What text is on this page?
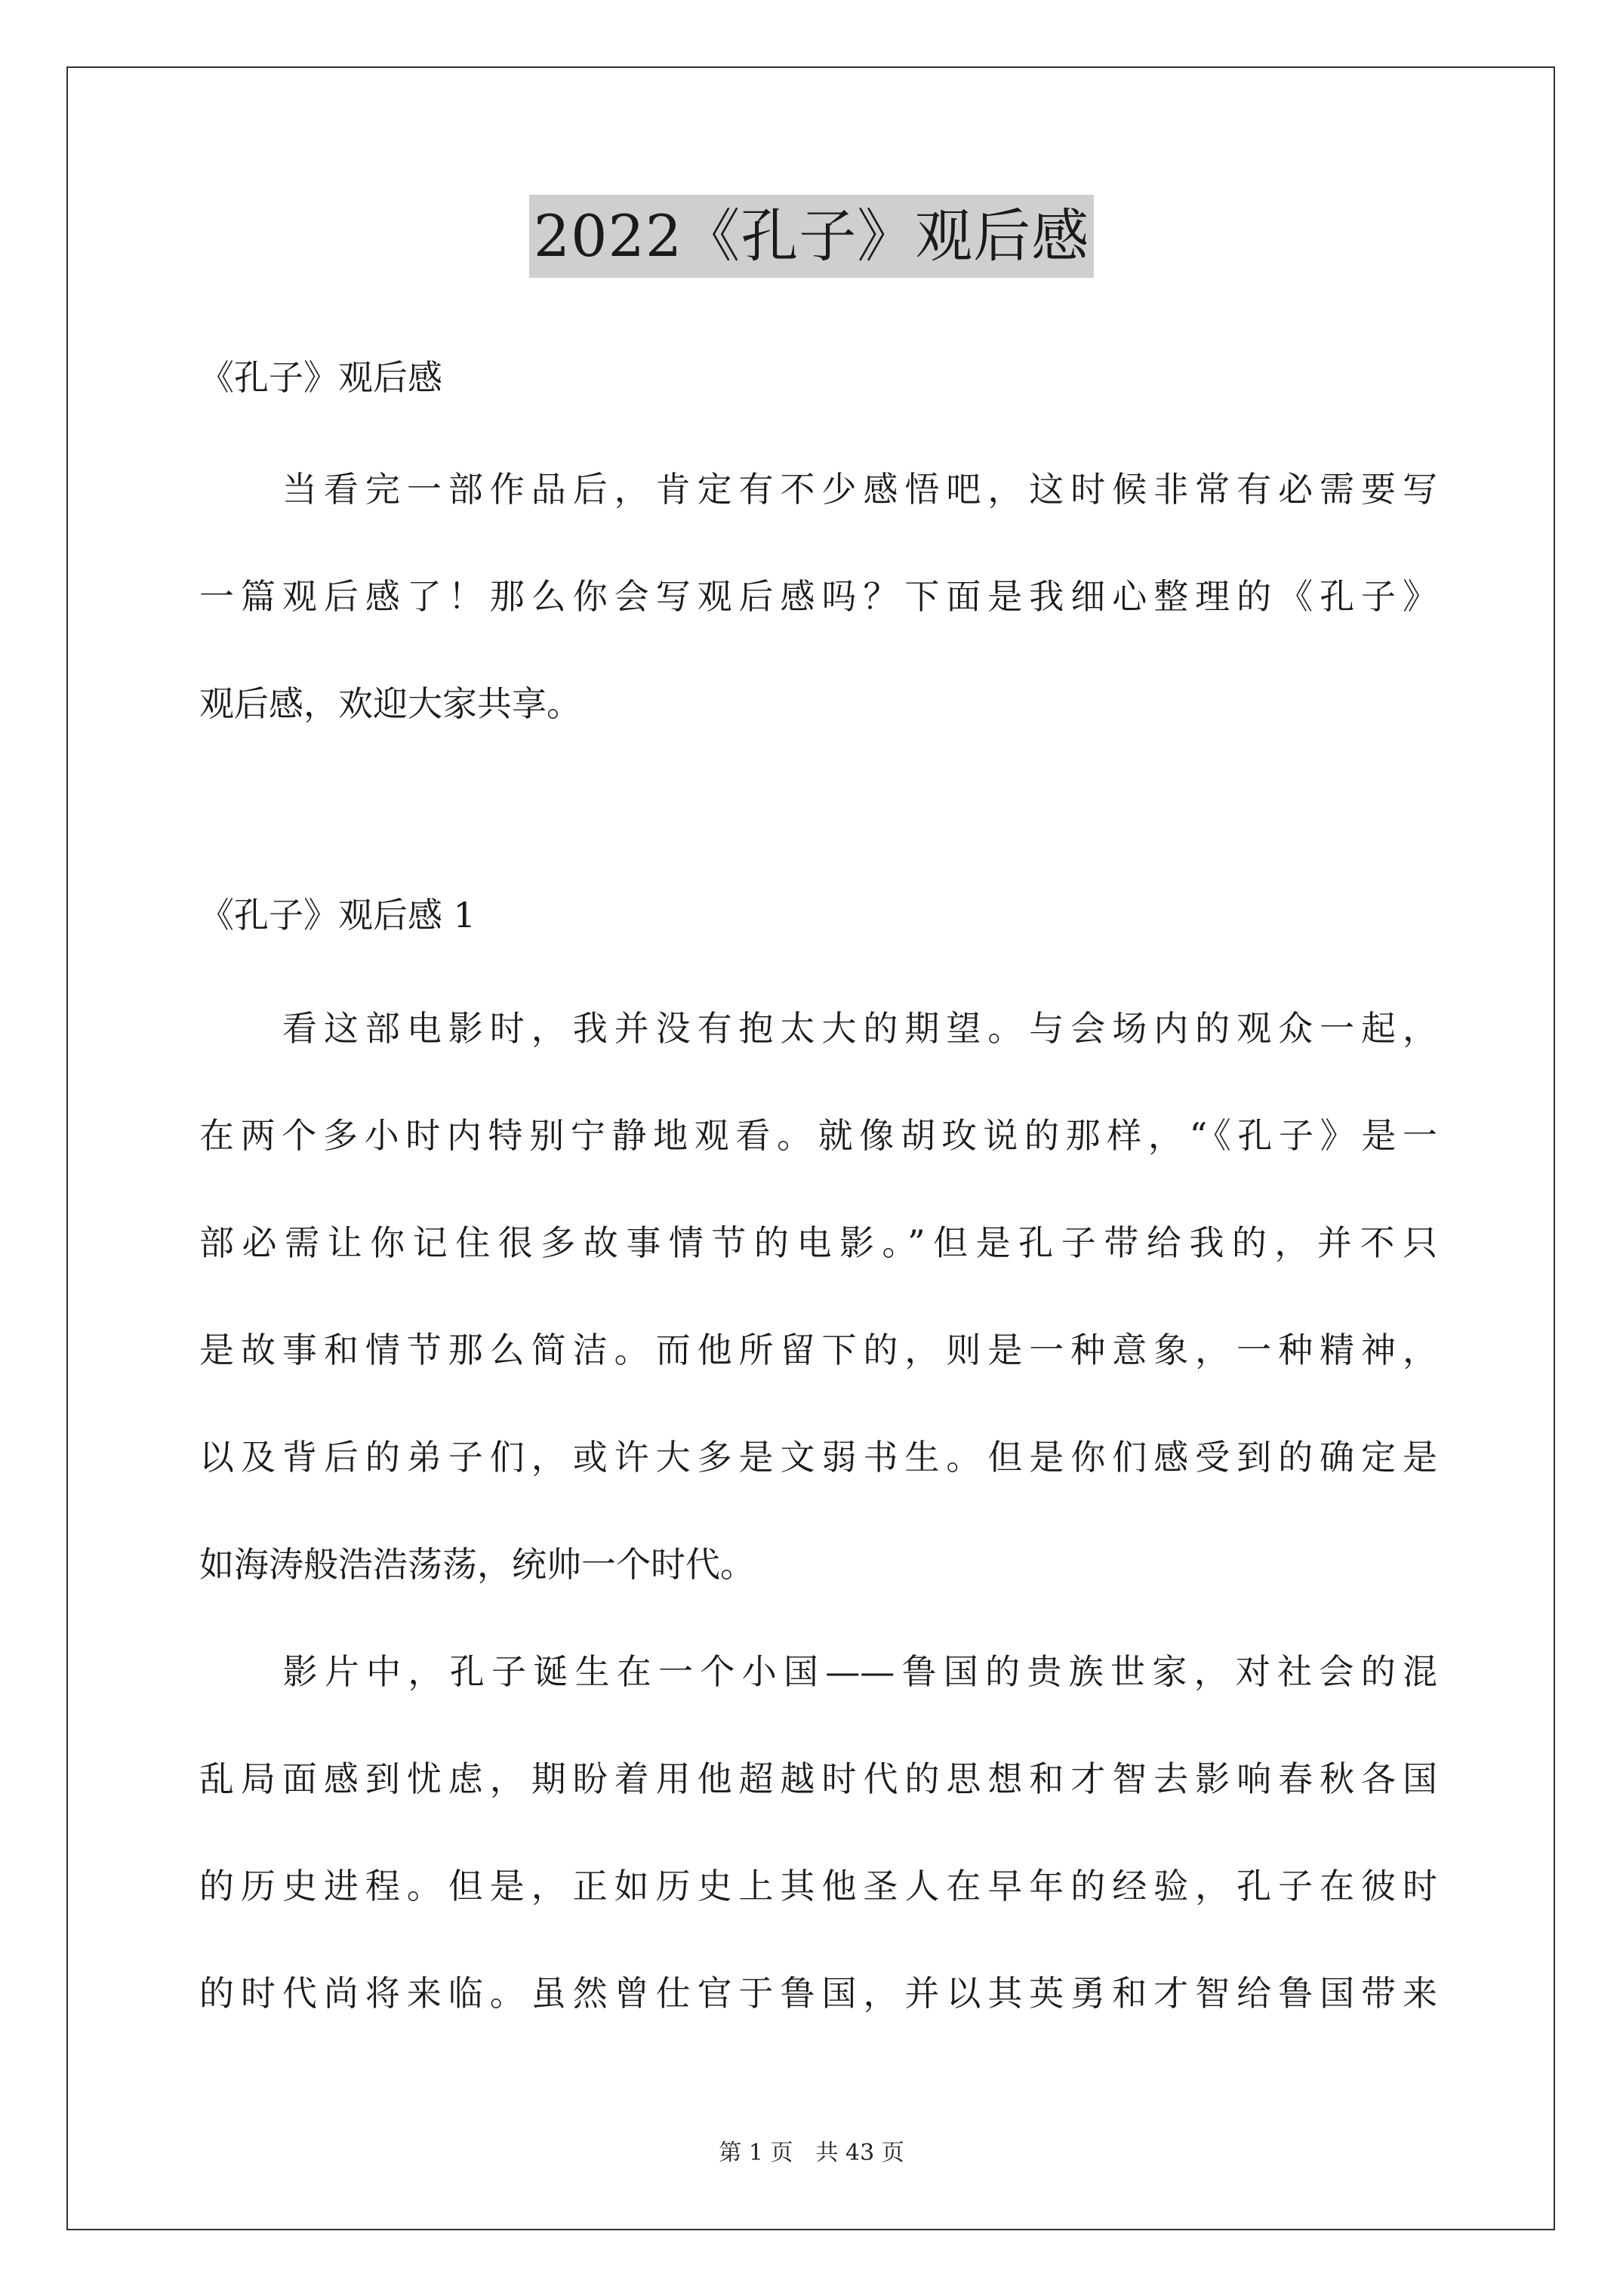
2022《孔子》观后感
《孔子》观后感
　　当看完一部作品后，肯定有不少感悟吧，这时候非常有必需要写
一篇观后感了！那么你会写观后感吗？下面是我细心整理的《孔子》
观后感，欢迎大家共享。
《孔子》观后感 1
　　看这部电影时，我并没有抱太大的期望。与会场内的观众一起，
在两个多小时内特别宁静地观看。就像胡玫说的那样，“《孔子》是一
部必需让你记住很多故事情节的电影。”但是孔子带给我的，并不只
是故事和情节那么简洁。而他所留下的，则是一种意象，一种精神，
以及背后的弟子们，或许大多是文弱书生。但是你们感受到的确定是
如海涛般浩浩荡荡，统帅一个时代。
　　影片中，孔子诞生在一个小国——鲁国的贵族世家，对社会的混
乱局面感到忧虑，期盼着用他超越时代的思想和才智去影响春秋各国
的历史进程。但是，正如历史上其他圣人在早年的经验，孔子在彼时
的时代尚将来临。虽然曾仕官于鲁国，并以其英勇和才智给鲁国带来
第 1 页　共 43 页
